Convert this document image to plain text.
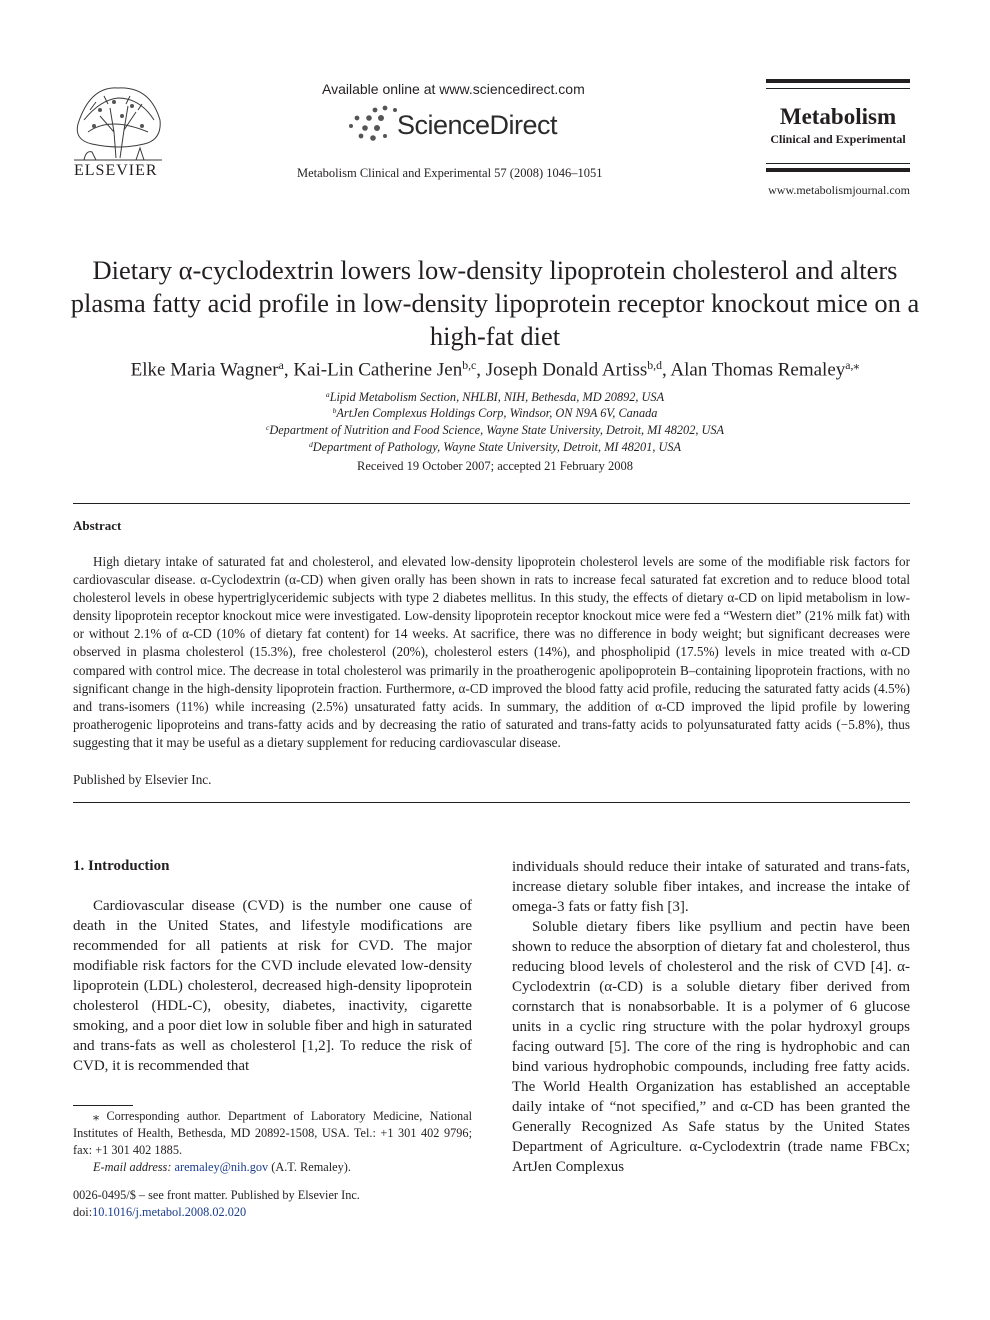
ELSEVIER
Available online at www.sciencedirect.com
ScienceDirect
Metabolism Clinical and Experimental 57 (2008) 1046–1051
Metabolism
Clinical and Experimental
www.metabolismjournal.com
Dietary α-cyclodextrin lowers low-density lipoprotein cholesterol and alters plasma fatty acid profile in low-density lipoprotein receptor knockout mice on a high-fat diet
Elke Maria Wagner$^a$, Kai-Lin Catherine Jen$^{b,c}$, Joseph Donald Artiss$^{b,d}$, Alan Thomas Remaley$^{a,⁎}$
$^a$Lipid Metabolism Section, NHLBI, NIH, Bethesda, MD 20892, USA
$^b$ArtJen Complexus Holdings Corp, Windsor, ON N9A 6V, Canada
$^c$Department of Nutrition and Food Science, Wayne State University, Detroit, MI 48202, USA
$^d$Department of Pathology, Wayne State University, Detroit, MI 48201, USA
Received 19 October 2007; accepted 21 February 2008
Abstract

High dietary intake of saturated fat and cholesterol, and elevated low-density lipoprotein cholesterol levels are some of the modifiable risk factors for cardiovascular disease. α-Cyclodextrin (α-CD) when given orally has been shown in rats to increase fecal saturated fat excretion and to reduce blood total cholesterol levels in obese hypertriglyceridemic subjects with type 2 diabetes mellitus. In this study, the effects of dietary α-CD on lipid metabolism in low-density lipoprotein receptor knockout mice were investigated. Low-density lipoprotein receptor knockout mice were fed a “Western diet” (21% milk fat) with or without 2.1% of α-CD (10% of dietary fat content) for 14 weeks. At sacrifice, there was no difference in body weight; but significant decreases were observed in plasma cholesterol (15.3%), free cholesterol (20%), cholesterol esters (14%), and phospholipid (17.5%) levels in mice treated with α-CD compared with control mice. The decrease in total cholesterol was primarily in the proatherogenic apolipoprotein B–containing lipoprotein fractions, with no significant change in the high-density lipoprotein fraction. Furthermore, α-CD improved the blood fatty acid profile, reducing the saturated fatty acids (4.5%) and trans-isomers (11%) while increasing (2.5%) unsaturated fatty acids. In summary, the addition of α-CD improved the lipid profile by lowering proatherogenic lipoproteins and trans-fatty acids and by decreasing the ratio of saturated and trans-fatty acids to polyunsaturated fatty acids (−5.8%), thus suggesting that it may be useful as a dietary supplement for reducing cardiovascular disease.

Published by Elsevier Inc.
1. Introduction

Cardiovascular disease (CVD) is the number one cause of death in the United States, and lifestyle modifications are recommended for all patients at risk for CVD. The major modifiable risk factors for the CVD include elevated low-density lipoprotein (LDL) cholesterol, decreased high-density lipoprotein cholesterol (HDL-C), obesity, diabetes, inactivity, cigarette smoking, and a poor diet low in soluble fiber and high in saturated and trans-fats as well as cholesterol [1,2]. To reduce the risk of CVD, it is recommended that

individuals should reduce their intake of saturated and trans-fats, increase dietary soluble fiber intakes, and increase the intake of omega-3 fats or fatty fish [3].

Soluble dietary fibers like psyllium and pectin have been shown to reduce the absorption of dietary fat and cholesterol, thus reducing blood levels of cholesterol and the risk of CVD [4]. α-Cyclodextrin (α-CD) is a soluble dietary fiber derived from cornstarch that is nonabsorbable. It is a polymer of 6 glucose units in a cyclic ring structure with the polar hydroxyl groups facing outward [5]. The core of the ring is hydrophobic and can bind various hydrophobic compounds, including free fatty acids. The World Health Organization has established an acceptable daily intake of “not specified,” and α-CD has been granted the Generally Recognized As Safe status by the United States Department of Agriculture. α-Cyclodextrin (trade name FBCx; ArtJen Complexus

⁎ Corresponding author. Department of Laboratory Medicine, National Institutes of Health, Bethesda, MD 20892-1508, USA. Tel.: +1 301 402 9796; fax: +1 301 402 1885.

E-mail address: aremaley@nih.gov (A.T. Remaley).

0026-0495/$ – see front matter. Published by Elsevier Inc.
doi:10.1016/j.metabol.2008.02.020
